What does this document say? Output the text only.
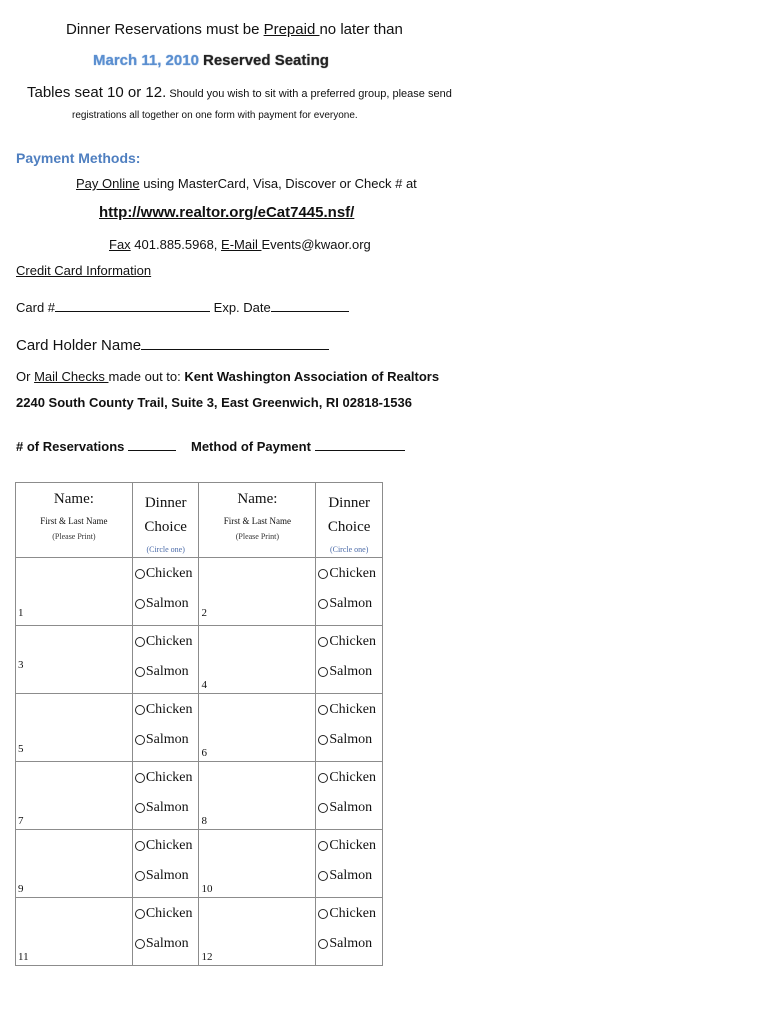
Dinner Reservations must be Prepaid no later than
March 11, 2010 Reserved Seating
Tables seat 10 or 12. Should you wish to sit with a preferred group, please send
registrations all together on one form with payment for everyone.
Payment Methods:
Pay Online using MasterCard, Visa, Discover or Check # at
http://www.realtor.org/eCat7445.nsf/
Fax 401.885.5968, E-Mail Events@kwaor.org
Credit Card Information
Card #	Exp. Date
Card Holder Name
Or Mail Checks made out to: Kent Washington Association of Realtors
2240 South County Trail, Suite 3, East Greenwich, RI 02818-1536
# of Reservations	Method of Payment
Name:
First & Last Name
(Please Print)	Dinner
Choice
(Circle one)	Name:
First & Last Name
(Please Print)	Dinner
Choice
(Circle one)

1	Chicken
Salmon	2	Chicken
Salmon

3	Chicken
Salmon	4	Chicken
Salmon

5	Chicken
Salmon	6	Chicken
Salmon

7	Chicken
Salmon	8	Chicken
Salmon

9	Chicken
Salmon	10	Chicken
Salmon

11	Chicken
Salmon	12	Chicken
Salmon
